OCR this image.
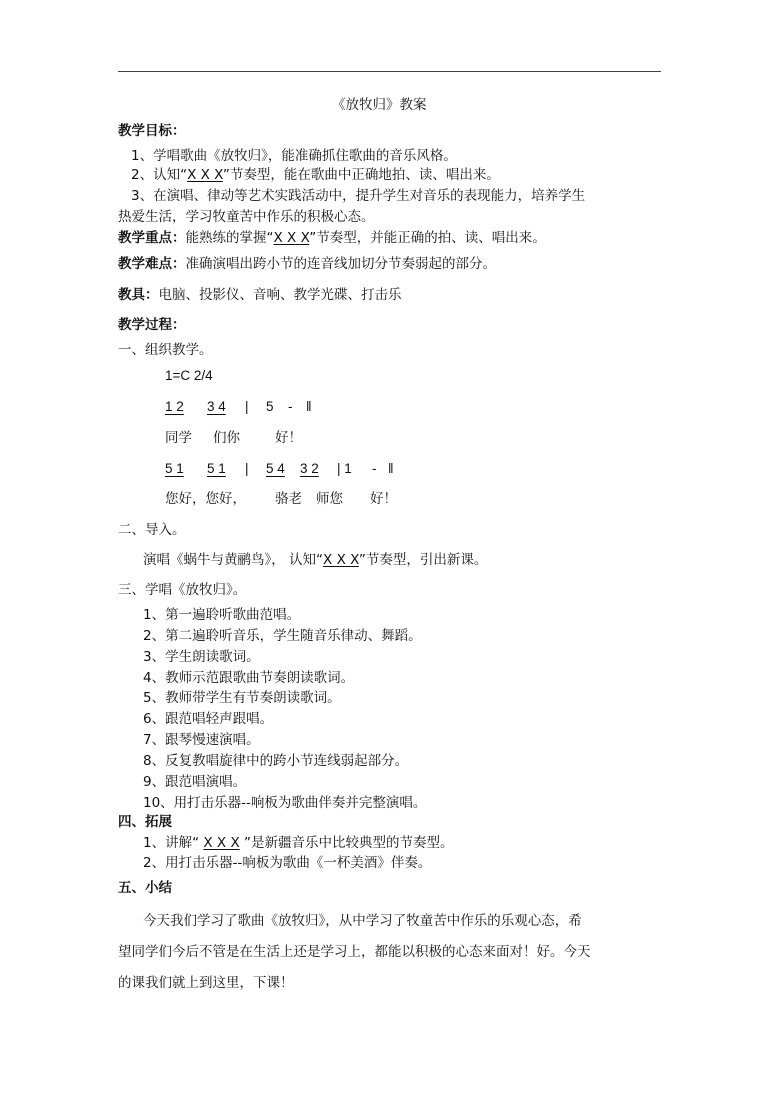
《放牧归》教案
教学目标：
1、学唱歌曲《放牧归》，能准确抓住歌曲的音乐风格。
2、认知“X X X”节奏型，能在歌曲中正确地拍、读、唱出来。
3、在演唱、律动等艺术实践活动中，提升学生对音乐的表现能力，培养学生
热爱生活，学习牧童苦中作乐的积极心态。
教学重点：能熟练的掌握“X X X”节奏型，并能正确的拍、读、唱出来。
教学难点：准确演唱出跨小节的连音线加切分节奏弱起的部分。
教具：电脑、投影仪、音响、教学光碟、打击乐
教学过程：
一、组织教学。
1=C 2/4
1 2 3 4 | 5 - ‖
同学 们你	好！
5 1 5 1 | 5 4 3 2 | 1 - ‖
您好，您好， 骆老 师您 好！
二、导入。
演唱《蜗牛与黄鹂鸟》， 认知“X X X”节奏型，引出新课。
三、学唱《放牧归》。
1、第一遍聆听歌曲范唱。
2、第二遍聆听音乐，学生随音乐律动、舞蹈。
3、学生朗读歌词。
4、教师示范跟歌曲节奏朗读歌词。
5、教师带学生有节奏朗读歌词。
6、跟范唱轻声跟唱。
7、跟琴慢速演唱。
8、反复教唱旋律中的跨小节连线弱起部分。
9、跟范唱演唱。
10、用打击乐器--响板为歌曲伴奏并完整演唱。
四、拓展
1、讲解“ X X X ”是新疆音乐中比较典型的节奏型。
2、用打击乐器--响板为歌曲《一杯美酒》伴奏。
五、小结
今天我们学习了歌曲《放牧归》，从中学习了牧童苦中作乐的乐观心态，希
望同学们今后不管是在生活上还是学习上，都能以积极的心态来面对！好。今天
的课我们就上到这里，下课！
